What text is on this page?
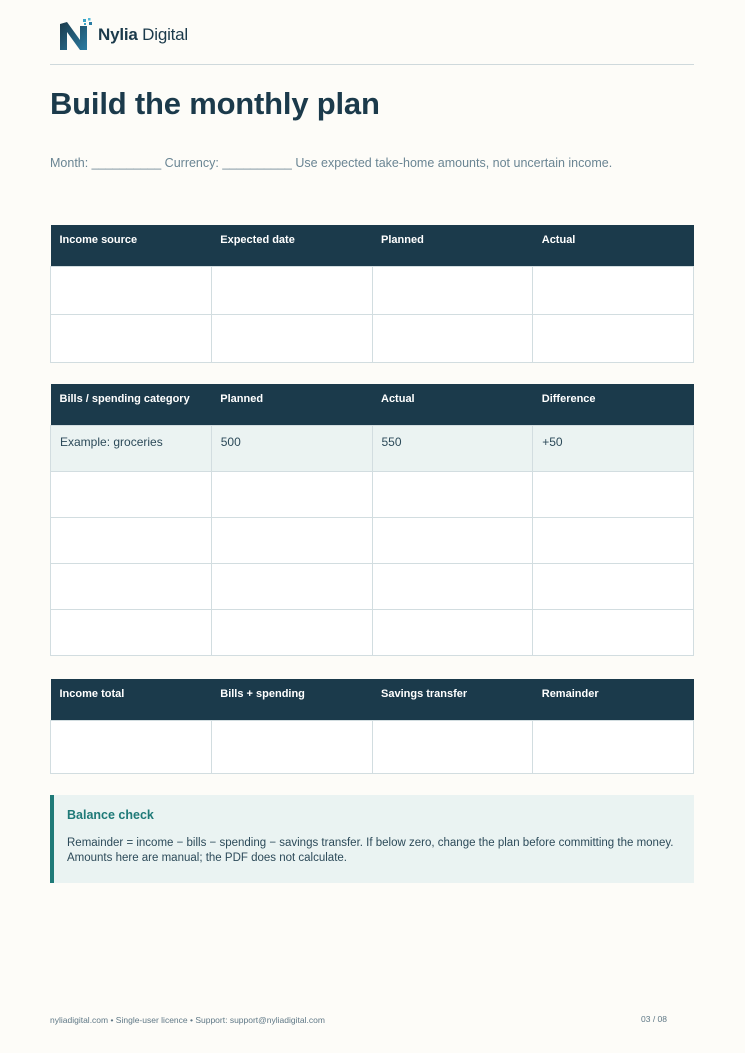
Nylia Digital
Build the monthly plan
Month: __________ Currency: __________ Use expected take-home amounts, not uncertain income.
Income source	Expected date	Planned	Actual

Bills / spending category	Planned	Actual	Difference

Example: groceries	500	550	+50

Income total	Bills + spending	Savings transfer	Remainder

Balance check

Remainder = income − bills − spending − savings transfer. If below zero, change the plan before committing the money. Amounts here are manual; the PDF does not calculate.

nyliadigital.com • Single-user licence • Support: support@nyliadigital.com	03 / 08
